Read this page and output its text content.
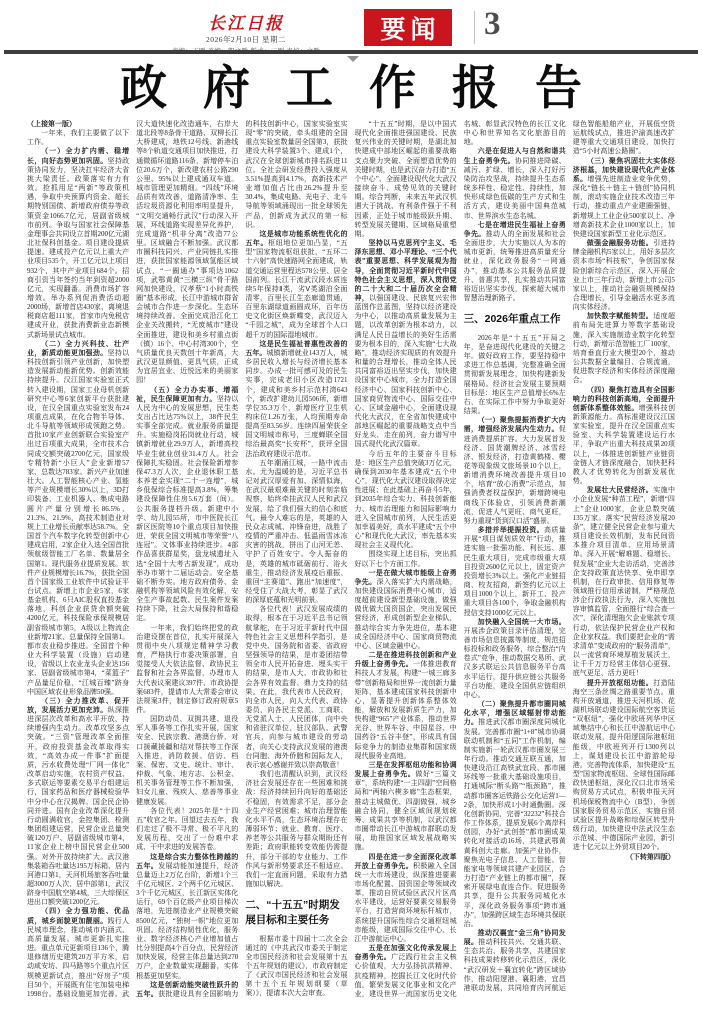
长江日报
2026年2月10日 星期二	要闻 3
政府工作报告

（上接第一版）

一年来，我们主要做了以下工作。

（一）全力扩内需、稳增长，向好态势更加巩固。坚持政策协同发力，坚决扛牢经济大省挑大梁责任。政策落实有力有效。抢抓用足“两新”等政策机遇，争取中央预算内资金、超长期特别国债、新增政府债券等政策资金1066.7亿元，居副省级城市前列。争取与国家社会保障基金理事会共同设立首期200亿元湖北社保科创基金。项目建设提质提速。建成投产亿元以上重大产业项目535个，开工亿元以上项目932个，其中产业项目684个。招商引资当年签约当年到资超2000亿元，实现翻番。消费市场扩容增效。举办系列促消费活动超2000场，新增首店430家，离境退税商店超111家，首家市内免税店建成开业，获批消费新业态新模式新场景试点城市。

（二）全力兴科技、壮产业，新质动能更加强劲。坚持以科技创新引领产业创新，加快塑造发展新动能新优势。创新效能持续提升。汉江国家实验室正式转入建设期，国家工业母机创新研究中心等6家创新平台获批建设，在汉全国重点实验室发布24项重点成果，在化合物半导体、北斗导航等领域形成领跑之势。首批10家产业创新联合实验室产出过百项重大成果，全市技术合同成交额突破2700亿元，国家级专精特新“小巨人”企业新增57家、总数达783家。新兴产业加速壮大。人工智能核心产业、氢能等产业规模增长30%以上，3D打印装备、工业机器人、集成电路圆片产量分别增长86.5%、21.3%、21.9%，高技术制造业对规上工业增长贡献率达58.7%。全国首个汽车数字化转型创新中心建成启用，2家企业入选全国首批领航级智能工厂名单、数量居全国第1。现代服务业提质发展。软件产业规模增长16.7%，获批全国首个国家级工业软件中试验证平台试点。新增上市企业5家，6家基金机构、6只AIC股权直投基金落地，科创企业获贷余额突破4200亿元，科技保险承保规模居副省级城市第5，A级以上物流企业新增21家、总量保持全国第1。都市农业稳步推进。全国首个种业大科学装置（设施）启动建设，省级以上农业龙头企业达156家、居副省级城市第4，“菜篮子”产品量足价稳，“江城百臻”跻身中国区域农业形象品牌50强。

（三）全力推改革、促开放，发展活力更加充沛。纵深推进深层次改革和高水平开放，持续增强内生动力。改革攻坚多点突破。“三资”管理改革全面推开，政府投资基金改革取得实效，“高效办成一件事”扩面提质，污水收费处理“厂网一体化”改革启动实施，农村资产权益、多式联运等要素交易平台组建运行，国家药品和医疗器械检验华中分中心在汉揭牌。国企民企协同并进。国有企业改革深化提升行动圆满收官，金控集团、检测集团组建运营，民营企业总量突破120万户、居副省级城市第4，11家企业上榜中国民营企业500强。对外开放持续扩大。武汉港集装箱吞吐量达195万标箱、居内河港口第1，天河机场旅客吞吐量超3000万人次、居中部第1，武汉跻身中国航空第4城，三大综保区进出口额突破1200亿元。

（四）全力强功能、优品质，城乡面貌更加靓丽。践行人民城市理念，推动城市内涵式、高质量发展。城市更新扎实推进。重点单元更新项目136个，腾退修缮历史建筑20万平方米，启动咸安坊、四马路等5个重点片区规模更新试点，推出“好房子”项目50个，开展既有住宅加装电梯1998台。基础设施更加完善。武汉大道快速化改造通车，右岸大道北段等8条骨干道路、双柳长江大桥建成，地铁12号线、新港线等8个轨道交通项目加快推进，打通微循环道路116条，新增停车泊位20.6万个，新改建农村公路290公里、95%以上建成通双车道。城市管理更加精细。“四线”环境品质有效改善，道路清净率、生活垃圾资源化利用率明显提升，“文明交通畅行武汉”行动深入开展，环线道路实现差异化养护，完成道路“机非分离”改造77公里。区域融合不断加强。武汉都市圈科技同兴、产业同链扎实推进，获批国家能源领域氢能区域试点，“一圈通办”事项达1062项，武鄂黄黄“三横三纵”骨干路网加快建设，汉孝蔡“1小时高铁圈”基本形成，长江中游城市群省会城市合作进一步深化。生态环境持续改善。全面完成沿江化工企业关改搬转，“无废城市”建设全面推进，建设和美乡村重点街（镇）16个、中心村湾300个，空气质量优良天数创十年新高，大武汉更显颜值、更具气质，正成为宜居宜业、近悦远来的美丽家园！

（五）全力办实事、增福祉，民生保障更加有力。坚持以人民为中心的发展思想，民生类支出占比达75%以上，38件民生实事全部完成。就业服务质量提升。实施稳岗拓岗就业行动，城镇新增就业29.9万人，新增高校毕业生就业创业31.4万人。社会保障扎实稳固。社会保险新增参保47.3万人次，企业退休职工基本养老金实现“二十一连增”，城乡低保综合标准提高3.8%，筹集建设保障性住房5.6万套（间）。公共服务提档升级。新建中小学、幼儿园55所，市中医院长江新区医院等10个重点项目加快推进，荣获全国文明城市等荣誉“八连冠”。文体事业持续进步。4部作品喜获群星奖，盘龙城遗址入选“全国十大考古新发现”，成功举办市第十二届运动会。安全基础不断夯实。地方政府债务、金融机构等领域风险有效化解，安全生产事故起数、民生案件发案持续下降，社会大局保持和谐稳定。

一年来，我们始终把党的政治建设摆在首位，扎实开展深入贯彻中央八项规定精神学习教育，严格执行市委决策部署，自觉接受人大依法监督、政协民主监督和社会各界监督，办理市人大代表议案建议397件、市政协提案683件，提请市人大常委会审议法规案3件，制定修订政府规章5件。

国防动员、双拥共建、退役军人事务等工作扎实开展，国家安全、民族宗教、港澳台侨、对口援藏援疆和结对帮扶等工作深入推进，消防救援、信访、档案、保密、文史、统计、审计、仲裁、气象、地方志、公积金、机关事务管理等工作不断加强，妇女儿童、残疾人、慈善等事业健康发展。

各位代表！2025年是“十四五”收官之年。回望过去五年，我们走过了极不寻常、极不平凡的发展历程，交出了一份难中求成、干中求进的发展答卷。

这是综合实力整体性跨越的五年。发展动能加速提升，经济总量迈上2万亿台阶，新增1个三千亿元城区、2个两千亿元城区、3个千亿元城区，长江新区实体化运行，69个百亿级产业项目梯次落地，先进制造业产业规模突破8500亿元，“独树一帜”地位更加巩固。经济结构韧性优化，服务业、数字经济核心产业增加值占比分别提高4个百分点，民营经济加快发展，经营主体总量达到270万户，企业数量实现翻番，实体根基更加坚实。

这是创新动能突破性跃升的五年。获批建设具有全国影响力的科技创新中心，国家实验室实现“零”的突破，牵头组建的全国重点实验室数量居全国第3，获批建设大科学装置3个、建成1个，武汉在全球创新城市排名跃进11位。全社会研发经费投入强度从3.51%提高到4.17%，高新技术产业增加值占比由26.2%提升至30.4%，集成电路、光电子、北斗导航等领域涌现出一批全球领先产品，创新成为武汉的第一标识。

这是城市功能系统性优化的五年。枢纽地位更加凸显，“五型”国家物流枢纽获批，“五环二十六射”高快速路网全面建成，轨道交通运营里程达578公里、居全国前列。长江干流武汉段水质连续5年保持Ⅱ类，劣Ⅴ类湖泊全面清零，百里长江生态廊道贯通，百里东湖绿道画圆成环，百年历史文化街区焕新蝶变，武汉迈入“千园之城”，成为全球首个人口超千万的国际湿地城市。

这是民生福祉普惠性改善的五年。城镇新增就业143万人，城乡居民收入增长与经济增长基本同步。办成一批可感可及的民生实事，完成老旧小区改造1721个，建成和美乡村示范村湾643个，新改扩建幼儿园506所，新增学位35.3万个，新增医疗卫生机构床位1.26万张，人均预期寿命提高至83.56岁。连续四届荣获全国文明城市称号，三度蝉联全国综治最高奖“长安杯”，获评全国法治政府建设示范市。

五年潮涌江城，一路中流击水。尤为温暖的是，习近平总书记对武汉厚爱有加、深情似海，在武汉最艰难最关键的时刻亲临视察，始终牵挂武汉人民和武汉发展，给了我们强大的信心和底气。最令人难忘的是，英雄的人民众志成城、冲锋奋进，战胜了疫情的严重冲击、低温雨雪冰冻灾害的挑战，拼出了山河无恙、守护了百姓安宁。令人振奋的是，英雄的城市砥砺前行、浴火重生，推动经济发展疫后重振、重回“主赛道”、跑出“加速度”，经受住了大战大考，彰显了武汉的深厚底蕴和光明前景。

各位代表！武汉发展成绩的取得，根本在于习近平总书记领航掌舵，在于习近平新时代中国特色社会主义思想科学指引，是党中央、国务院和省委、省政府坚强领导的结果，是市委团结带领全市人民开拓奋进、埋头实干的结果，是市人大、市政协和社会各界有效监督、鼎力支持的结果。在此，我代表市人民政府，向全市人民，向人大代表、政协委员，向各民主党派、工商联、无党派人士、人民团体，向中央和省驻汉单位、驻汉部队、武警官兵，向参与城市建设的劳动者，向关心支持武汉发展的港澳台同胞、海外侨胞和国际友人，表示衷心感谢并致以崇高敬意！

我们也清醒认识到，武汉经济社会发展还存在一些困难和挑战：经济持续回升向好的基础还不稳固，有效需求不足，部分企业生产经营困难；城市治理智能化水平不高，生态环境治理存在薄弱环节；就业、教育、医疗、养老等公共服务与群众期盼还有差距；政府职能转变效能仍需提升，部分干部的专业能力、工作作风与新形势要求还不相适应。我们一定直面问题，采取有力措施加以解决。

二、“十五五”时期发展目标和主要任务

根据市委十四届十二次全会通过的《中共武汉市委关于制定全市国民经济和社会发展第十五个五年规划的建议》，市政府制定了《武汉市国民经济和社会发展第十五个五年规划纲要（草案）》，提请本次大会审查。

“十五五”时期，是以中国式现代化全面推进强国建设、民族复兴伟业的关键时期，是湖北加快建成中部地区崛起的重要战略支点聚力突破、全面塑造优势的关键时期，也是武汉奋力打造“五个中心”、全面建设现代化大武汉接续奋斗、成势见效的关键时期。综合判断，未来五年武汉机遇大于挑战、有利条件强于不利因素，正处于城市能级跃升期、转型发展关键期、区域格局重塑期。

坚持以马克思列宁主义、毛泽东思想、邓小平理论、“三个代表”重要思想、科学发展观为指导，全面贯彻习近平新时代中国特色社会主义思想，深入贯彻党的二十大和二十届历次全会精神，以强国建设、民族复兴宏伟蓝图作总蓝图，坚持以经济建设为中心，以推动高质量发展为主题，以改革创新为根本动力，以满足人民日益增长的美好生活需要为根本目的，深入实施“七大战略”，推动经济实现质的有效提升和量的合理增长，推动全体人民共同富裕迈出坚实步伐，加快建设国家中心城市，全力打造全国经济中心、国家科技创新中心、国家商贸物流中心、国际交往中心、区域金融中心，全面建设现代化大武汉，在全省加快建成中部地区崛起的重要战略支点中当好龙头、走在前列，奋力谱写中国式现代化武汉篇章。

今后五年的主要奋斗目标是：地区生产总值突破3万亿元，确保到2030年基本建成“五个中心”，现代化大武汉建设取得决定性进展；在此基础上再奋斗5年，到2035年综合实力、科技创新能力、城市治理能力和国际影响力进入全国城市前列，人民生活更加幸福美好，高水平建成“五个中心”和现代化大武汉，率先基本实现社会主义现代化。

围绕实现上述目标，突出抓好以下七个方面工作。

一是在做大城市能级上奋勇争先。深入落实扩大内需战略，加快建设国际消费中心城市，适度超前建设新型基础设施，做强做优做大国资国企，突出发展民营经济，形成创新型企业梯队，推动综合实力争先进位，基本建成全国经济中心、国家商贸物流中心、区域金融中心。

二是在推进科技创新和产业升级上奋勇争先。一体推进教育科技人才发展，构建“一城三廊多带”创新格局和世界一流创新力量矩阵，基本建成国家科技创新中心，显著提升创新体系整体效能，解放和发展新质生产力，加快构建“965”产业体系，推动世界光谷、世界车谷、中国星谷、中国药谷“五谷丰登”，形成具有国际竞争力的制造业集群和国家级现代服务业高地。

三是在发挥枢纽功能和协调发展上奋勇争先。做好“三篇文章”，系统构建“一主四副”空间格局和“两轴六楔多廊”生态框架，推动主城做优、四副做强、城乡融合协同，健全区域间规划统筹、成果共享等机制，以武汉都市圈带动长江中游城市群联动发展，助推国家区域发展战略实施。

四是在进一步全面深化改革开放上奋勇争先。积极融入全国统一大市场建设，纵深推进要素市场化配置、国资国企等领域改革，推动自贸试验区武汉片区高水平建设，运营好要素交易服务平台，打造营商环境标杆城市，系统提升国际性综合交通枢纽城市能级，建成国际交往中心、长江中游航运中心。

五是在加强文化传承发展上奋勇争先。广泛践行社会主义核心价值观，大力弘扬抗洪精神、抗疫精神，挖掘长江文化时代价值，繁荣发展文化事业和文化产业，建设世界一流国家历史文化名城、彰显武汉特色的长江文化中心和世界知名文化旅游目的地。

六是在促进人与自然和谐共生上奋勇争先。协同推进降碳、减污、扩绿、增长，深入打好污染防治攻坚战，持续提升生态系统多样性、稳定性、持续性，加快形成绿色低碳的生产方式和生活方式，建设美丽中国典范城市、世界滨水生态名城。

七是在增进民生福祉上奋勇争先。推动人的全面发展和社会全面进步，大力实施以人为本的城市更新，统筹推进高质量充分就业，深化政务服务“一网通办”，推动基本公共服务品质提升、普惠共享，扎实推动共同富裕迈出坚实步伐，探索超大城市智慧治理新路子。

三、2026年重点工作

2026年是“十五五”开局之年，是奋进现代化建设的关键之年。做好政府工作，要坚持稳中求进工作总基调，完整准确全面贯彻新发展理念，加快构建新发展格局。经济社会发展主要预期目标是：地区生产总值增长6%左右，在实际工作中努力争取更好结果。

（一）聚焦提振消费扩大内需，增强经济发展内生动力。促进消费提质扩容。大力发展首发经济、国货潮牌经济、冰雪经济、银发经济，打造黄鹤楼、樱花等现象级文旅场景10个以上，新增消费环境改善提升项目10个，培育“放心消费”示范点，加强消费者权益保护，新增跨境电商线下体验店，引领消费新潮流，促进人气更旺、商气更旺，努力重现“货到汉口活”盛景。

多措并举提振投资。高质量开展“项目谋划质效年”行动，推进实施一批强功能、利长远、惠民生重大项目，完成市级重大项目投资2600亿元以上，固定资产投资增长3%以上。强化产业链招商、校友招商，新签约亿元以上项目1000个以上，新开工、投产重大项目各100个，争取金融机构授信支持1000亿元以上。

加快融入全国统一大市场。开展涉企政策目录评估清理，完善市场信息披露等制度，规范招标投标和政务服务，综合整治“内卷式”竞争，推动数据交易所、武汉多式联运公共信息服务平台高水平运行，提升供应链公共服务平台功能，建设全国供应链组织中心。

（二）聚焦提升都市圈同城化水平，增强区域辐射带动能力。推进武汉都市圈深度同城化发展。完善都市圈“1+8”城市协调联动机制和“五同”工作机制，编制实施新一轮武汉都市圈发展三年行动。推动交通互联互通，加快建设沿江高铁武宜段、都市圈环线等一批重大基础设施项目，打通城际“断头路”“瓶颈路”，推动都市圈客运铁路公交化运营1—2条，加快形成1小时通勤圈。深化创新协同，完善“32232”科技合作工作体系，提质发展6个离岸科创园，办好“武创荟”都市圈成果转化对接活动16场，共建武鄂黄黄科创大走廊。加强产业协作，聚焦光电子信息、人工智能、智能家电等领域共建产业园区，合力打造“产业链上的都市圈”，探索开展绿电直连合作。促进服务共享，提升公共服务同城化水平，深化政务服务事项“跨市通办”，加强跨区域生态环境共保联治。

推动汉襄宜“金三角”协同发展。推动科技共兴、交通共联、生态共治、服务共享，共建国家科技成果转移转化示范区，深化“武汉研发＋襄宜转化”跨区域协作，推动阳逻港、襄阳港、宜昌港联动发展，共同培育内河航运绿色智能船舶产业，开展低空货运航线试点，推进沪渝高速改扩建等重大交通项目建设，加快打造“5小时高速公路圈”。

（三）聚焦巩固壮大实体经济根基，加快建设现代化产业体系。增强先进制造业竞争优势，深化“链长＋链主＋链创”协同机制，滚动实施企业技术改造三年行动，推动重点产业建圈强链，新增规上工业企业500家以上、净增高新技术企业1000家以上，加快建设国家新型工业化示范区。

做强金融服务功能。引进持牌金融机构5家以上，用好多层次资本市场“科技板”，争创国家保险创新综合示范区，深入开展企业上市三年行动，新增上市公司5家以上，推动社会融资规模保持合理增长，引导金融活水更多流向实体经济。

加快数字赋能转型。适度超前布局先进算力等数字基础设施，深入实施制造业数字化转型行动，新增示范智能工厂100家，培育垂直行业大模型20个，推动公共数据全量编目、合规流通，促进数字经济和实体经济深度融合。

（四）聚焦打造具有全国影响力的科技创新高地，全面提升创新体系整体效能。增强科技创新策源能力。高标准建设汉江国家实验室，提升在汉全国重点实验室、大科学装置建设运行水平，争取产出重大科技成果20项以上，一体推进创新链产业链资金链人才链深度融合，加快把科教人才优势转化为创新发展优势。

发展壮大民营经济。实施中小企业发展“种苗工程”，新增“四上”企业1000家，企业总数突破135万家。落实“民营经济发展20条”，建立健全民营企业参与重大项目建设长效机制，发布民间资本推介项目清单、应用场景清单。深入开展“解难题、稳增长、促发展”企业大走访活动，完善涉企支持政策直达快享、免申即享机制，在行政审批、信用修复等领域推行信用承诺制，严格规范涉企行政执法行为，深入实施包容审慎监管，全面推行“综合查一次”，深化清理拖欠企业账款专项行动，依法保护民营企业产权和企业家权益。我们要把企业的“需求清单”变成政府的“服务清单”，以一流营商环境厚植发展沃土，让千千万万经营主体信心更强、底气更足、活力更旺！

提升开放枢纽功能。打造陆海空三条丝绸之路重要节点。重构开放通道，推进天河机场、花湖机场联动建设国际航空客货运“双枢纽”，强化中欧班列华中区域集结中心和长江中游航运中心联动发展，提升阳逻国际港枢纽能级，中欧班列开行1300列以上，谋划建设长江中游游轮母港。完善物流体系，加快建设“五型”国家物流枢纽、全球性国际邮政快递枢纽，深化汉口北市场采购贸易方式试点，积极申报天河机场保税物流中心（B型），争创国家服务贸易示范区，实施自贸试验区提升战略和综保区转型升级行动，加快建设中法武汉生态示范城、中德国际产业园，新引进十亿元以上外贸项目20个。

（下转第四版）
